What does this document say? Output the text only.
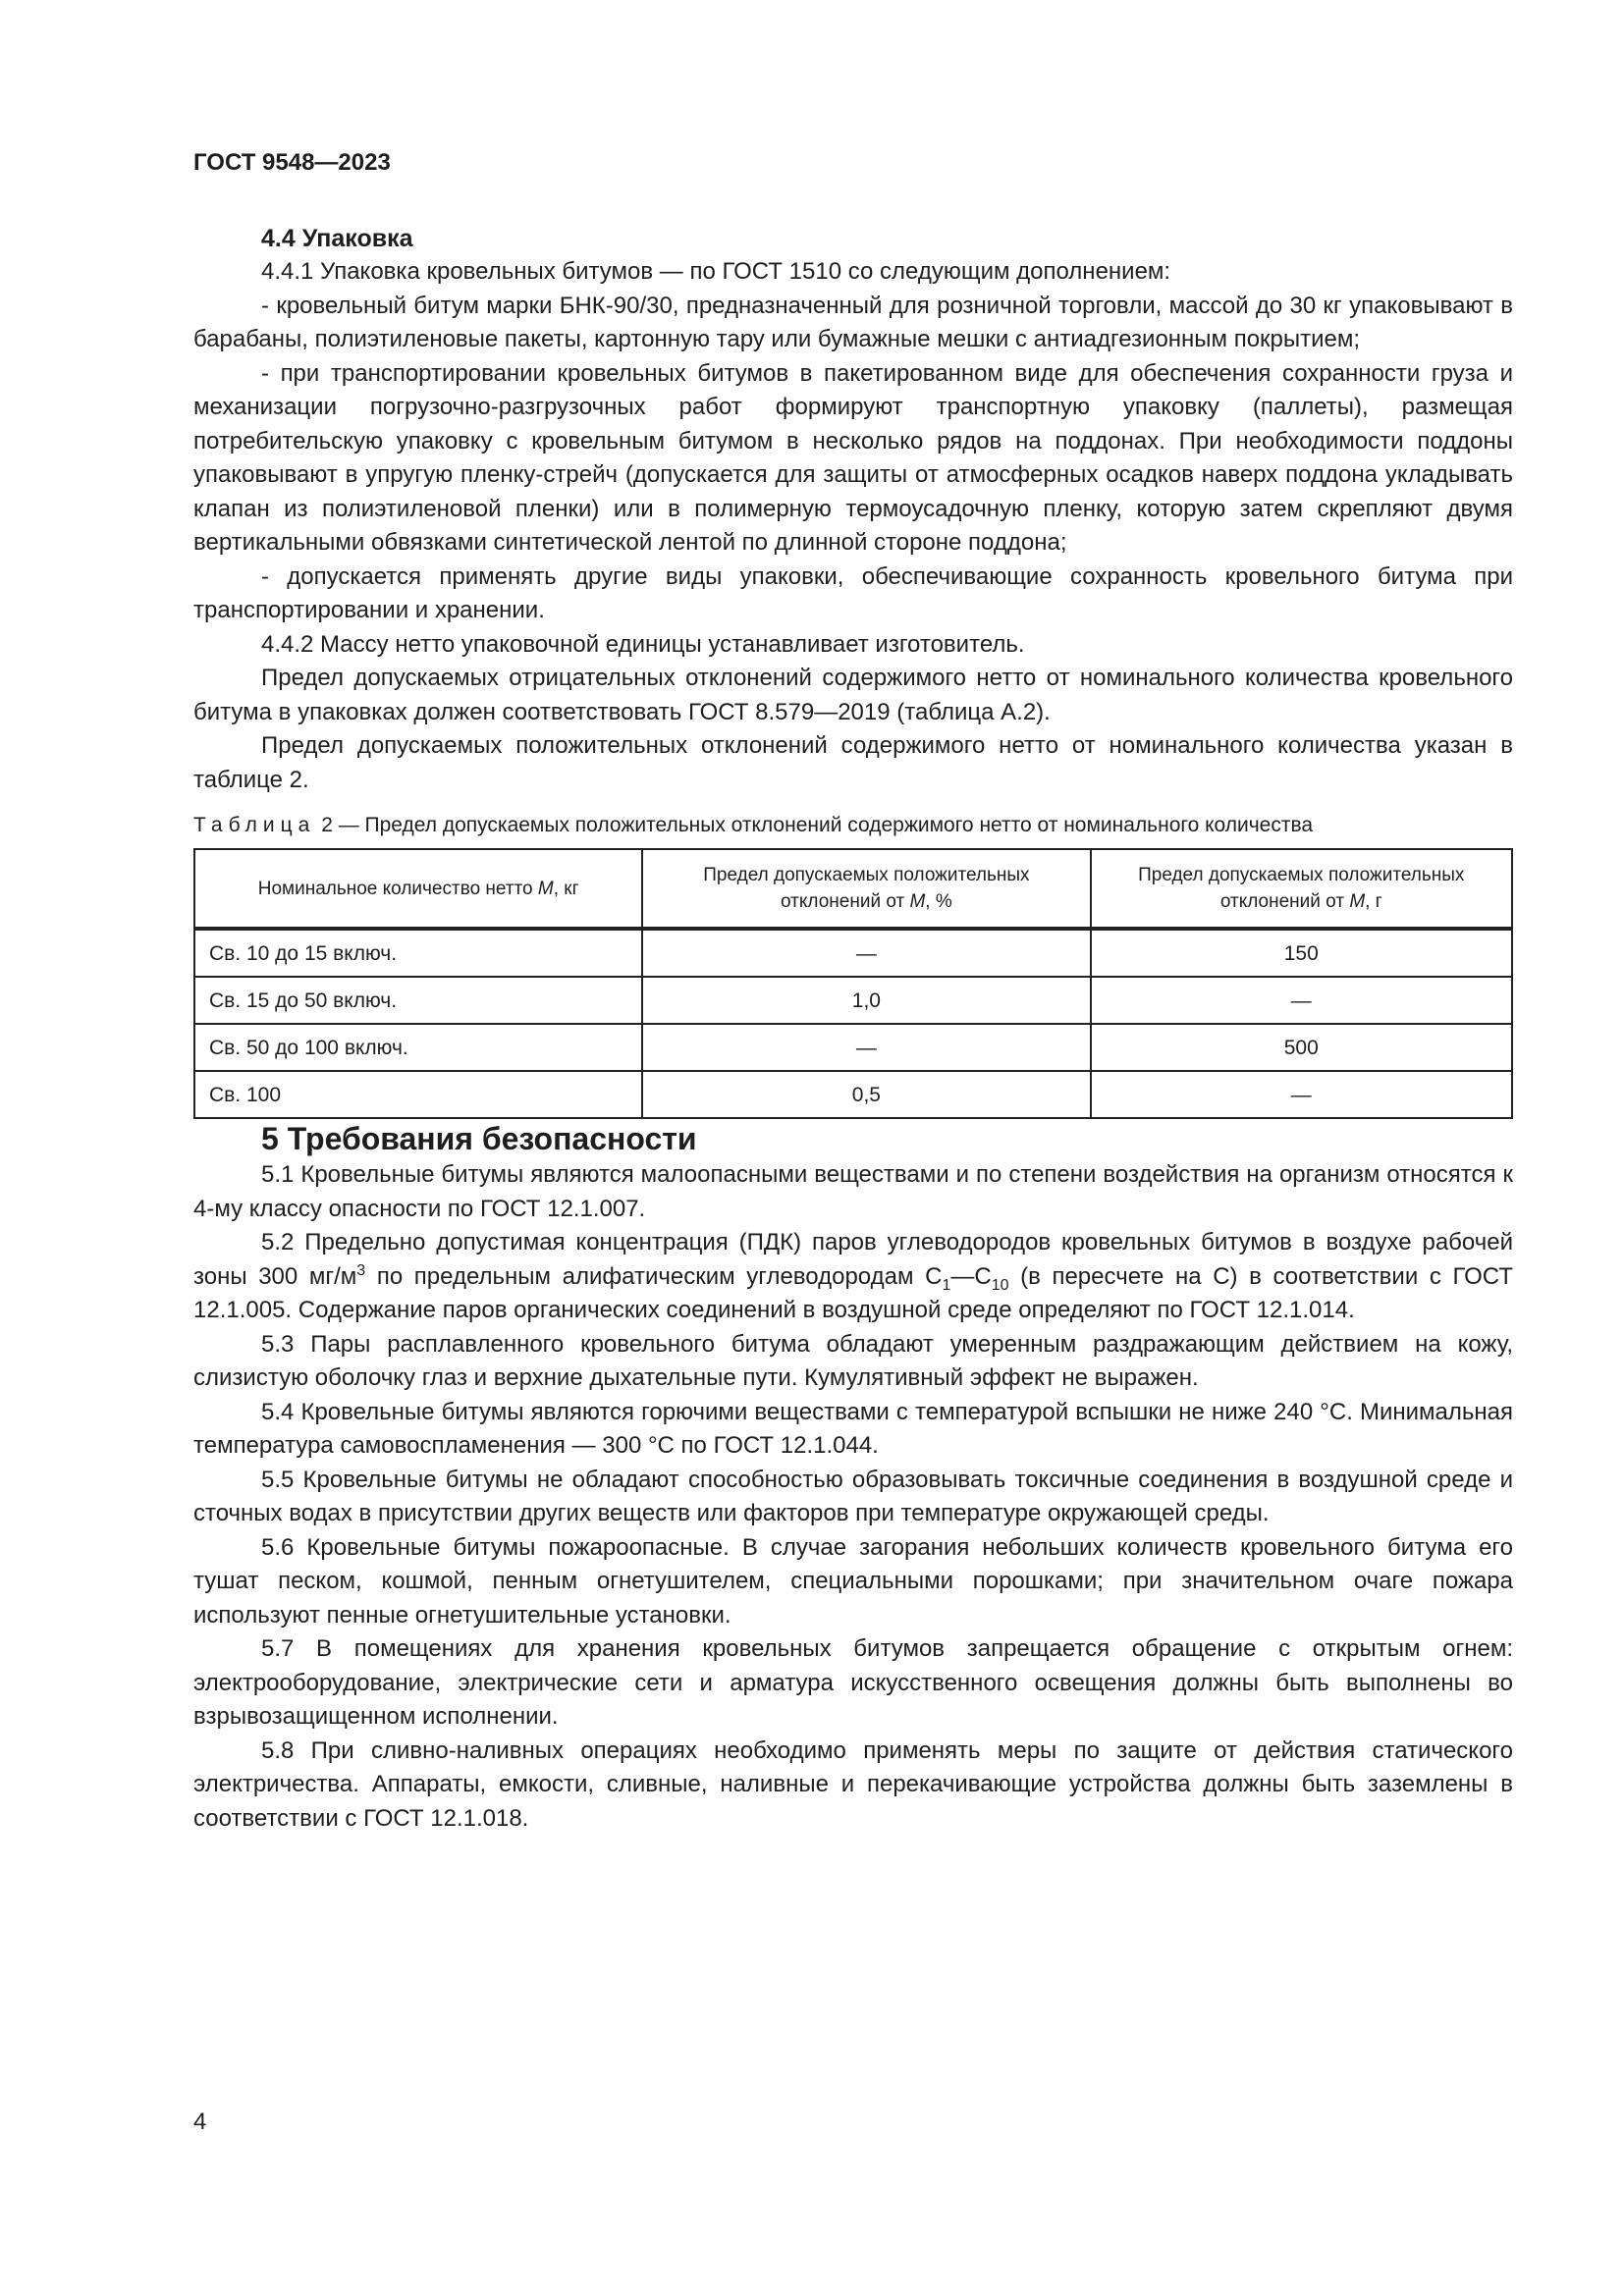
ГОСТ 9548—2023

4.4 Упаковка

4.4.1 Упаковка кровельных битумов — по ГОСТ 1510 со следующим дополнением:

- кровельный битум марки БНК-90/30, предназначенный для розничной торговли, массой до 30 кг упаковывают в барабаны, полиэтиленовые пакеты, картонную тару или бумажные мешки с антиадгезионным покрытием;

- при транспортировании кровельных битумов в пакетированном виде для обеспечения сохранности груза и механизации погрузочно-разгрузочных работ формируют транспортную упаковку (паллеты), размещая потребительскую упаковку с кровельным битумом в несколько рядов на поддонах. При необходимости поддоны упаковывают в упругую пленку-стрейч (допускается для защиты от атмосферных осадков наверх поддона укладывать клапан из полиэтиленовой пленки) или в полимерную термоусадочную пленку, которую затем скрепляют двумя вертикальными обвязками синтетической лентой по длинной стороне поддона;

- допускается применять другие виды упаковки, обеспечивающие сохранность кровельного битума при транспортировании и хранении.

4.4.2 Массу нетто упаковочной единицы устанавливает изготовитель.

Предел допускаемых отрицательных отклонений содержимого нетто от номинального количества кровельного битума в упаковках должен соответствовать ГОСТ 8.579—2019 (таблица А.2).

Предел допускаемых положительных отклонений содержимого нетто от номинального количества указан в таблице 2.

Таблица 2 — Предел допускаемых положительных отклонений содержимого нетто от номинального количества
Номинальное количество нетто M, кг	Предел допускаемых положительных отклонений от M, %	Предел допускаемых положительных отклонений от M, г
Св. 10 до 15 включ.	—	150
Св. 15 до 50 включ.	1,0	—
Св. 50 до 100 включ.	—	500
Св. 100	0,5	—

5 Требования безопасности

5.1 Кровельные битумы являются малоопасными веществами и по степени воздействия на организм относятся к 4-му классу опасности по ГОСТ 12.1.007.

5.2 Предельно допустимая концентрация (ПДК) паров углеводородов кровельных битумов в воздухе рабочей зоны 300 $мг/м^3$ по предельным алифатическим углеводородам $С_1—С_{10}$ (в пересчете на С) в соответствии с ГОСТ 12.1.005. Содержание паров органических соединений в воздушной среде определяют по ГОСТ 12.1.014.

5.3 Пары расплавленного кровельного битума обладают умеренным раздражающим действием на кожу, слизистую оболочку глаз и верхние дыхательные пути. Кумулятивный эффект не выражен.

5.4 Кровельные битумы являются горючими веществами с температурой вспышки не ниже 240 °С. Минимальная температура самовоспламенения — 300 °С по ГОСТ 12.1.044.

5.5 Кровельные битумы не обладают способностью образовывать токсичные соединения в воздушной среде и сточных водах в присутствии других веществ или факторов при температуре окружающей среды.

5.6 Кровельные битумы пожароопасные. В случае загорания небольших количеств кровельного битума его тушат песком, кошмой, пенным огнетушителем, специальными порошками; при значительном очаге пожара используют пенные огнетушительные установки.

5.7 В помещениях для хранения кровельных битумов запрещается обращение с открытым огнем: электрооборудование, электрические сети и арматура искусственного освещения должны быть выполнены во взрывозащищенном исполнении.

5.8 При сливно-наливных операциях необходимо применять меры по защите от действия статического электричества. Аппараты, емкости, сливные, наливные и перекачивающие устройства должны быть заземлены в соответствии с ГОСТ 12.1.018.

4
